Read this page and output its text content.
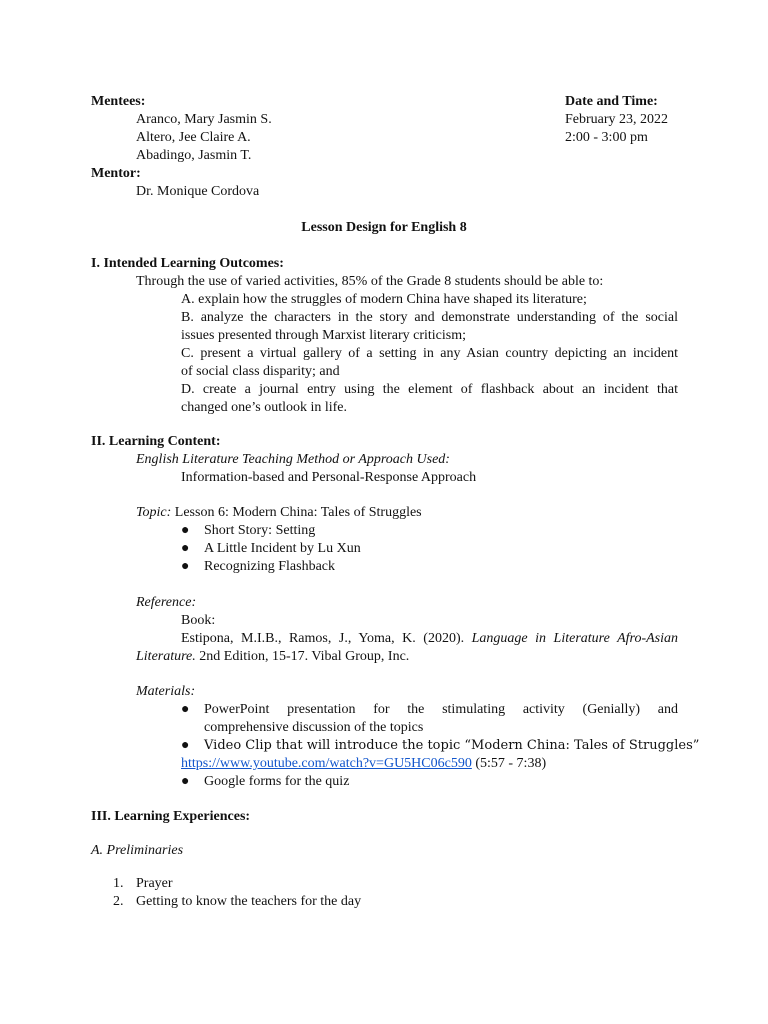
Mentees:
Aranco, Mary Jasmin S.
Altero, Jee Claire A.
Abadingo, Jasmin T.
Mentor:
Dr. Monique Cordova
Date and Time:
February 23, 2022
2:00 - 3:00 pm
Lesson Design for English 8
I. Intended Learning Outcomes:
Through the use of varied activities, 85% of the Grade 8 students should be able to:
A. explain how the struggles of modern China have shaped its literature;
B. analyze the characters in the story and demonstrate understanding of the social
issues presented through Marxist literary criticism;
C. present a virtual gallery of a setting in any Asian country depicting an incident
of social class disparity; and
D. create a journal entry using the element of flashback about an incident that
changed one’s outlook in life.
II. Learning Content:
English Literature Teaching Method or Approach Used:
Information-based and Personal-Response Approach
Topic: Lesson 6: Modern China: Tales of Struggles
● Short Story: Setting
● A Little Incident by Lu Xun
● Recognizing Flashback
Reference:
Book:
Estipona, M.I.B., Ramos, J., Yoma, K. (2020). Language in Literature Afro-Asian
Literature. 2nd Edition, 15-17. Vibal Group, Inc.
Materials:
● PowerPoint presentation for the stimulating activity (Genially) and
comprehensive discussion of the topics
● Video Clip that will introduce the topic “Modern China: Tales of Struggles”
https://www.youtube.com/watch?v=GU5HC06c590 (5:57 - 7:38)
● Google forms for the quiz
III. Learning Experiences:
A. Preliminaries
1. Prayer
2. Getting to know the teachers for the day
